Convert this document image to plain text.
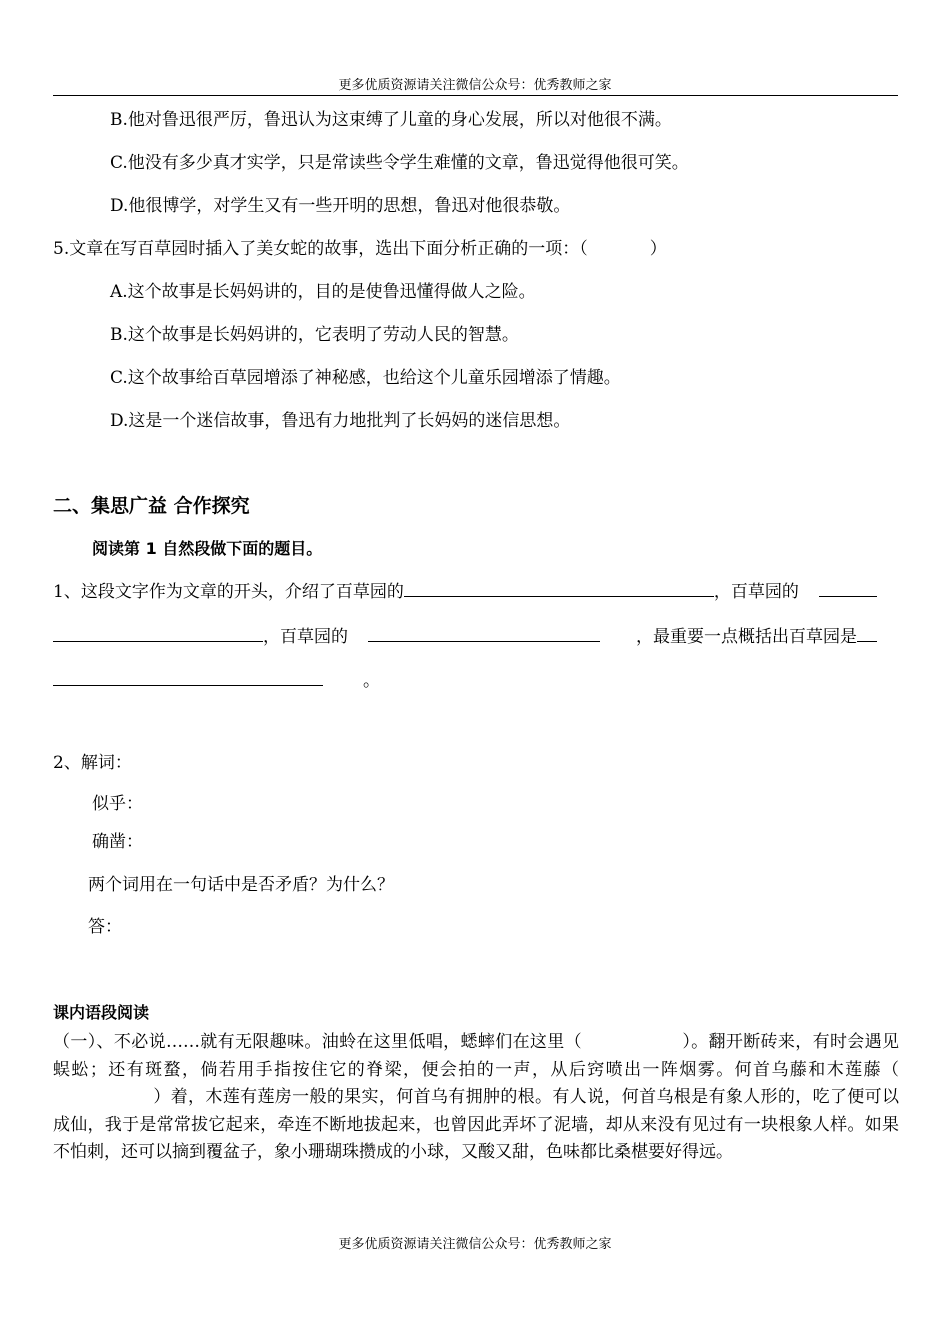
更多优质资源请关注微信公众号：优秀教师之家
B.他对鲁迅很严厉，鲁迅认为这束缚了儿童的身心发展，所以对他很不满。
C.他没有多少真才实学，只是常读些令学生难懂的文章，鲁迅觉得他很可笑。
D.他很博学，对学生又有一些开明的思想，鲁迅对他很恭敬。
5.文章在写百草园时插入了美女蛇的故事，选出下面分析正确的一项：（	）
A.这个故事是长妈妈讲的，目的是使鲁迅懂得做人之险。
B.这个故事是长妈妈讲的，它表明了劳动人民的智慧。
C.这个故事给百草园增添了神秘感，也给这个儿童乐园增添了情趣。
D.这是一个迷信故事，鲁迅有力地批判了长妈妈的迷信思想。
二、集思广益 合作探究
阅读第 1 自然段做下面的题目。
1、这段文字作为文章的开头，介绍了百草园的	，百草园的
，百草园的	，最重要一点概括出百草园是
。
2、解词：
似乎：
确凿：
两个词用在一句话中是否矛盾？为什么？
答：
课内语段阅读

（一）、不必说……就有无限趣味。油蛉在这里低唱，蟋蟀们在这里（	）。翻开断砖来，有时会遇见蜈蚣；还有斑蝥，倘若用手指按住它的脊梁，便会拍的一声，从后窍喷出一阵烟雾。何首乌藤和木莲藤（）着，木莲有莲房一般的果实，何首乌有拥肿的根。有人说，何首乌根是有象人形的，吃了便可以成仙，我于是常常拔它起来，牵连不断地拔起来，也曾因此弄坏了泥墙，却从来没有见过有一块根象人样。如果不怕刺，还可以摘到覆盆子，象小珊瑚珠攒成的小球，又酸又甜，色味都比桑椹要好得远。

更多优质资源请关注微信公众号：优秀教师之家
